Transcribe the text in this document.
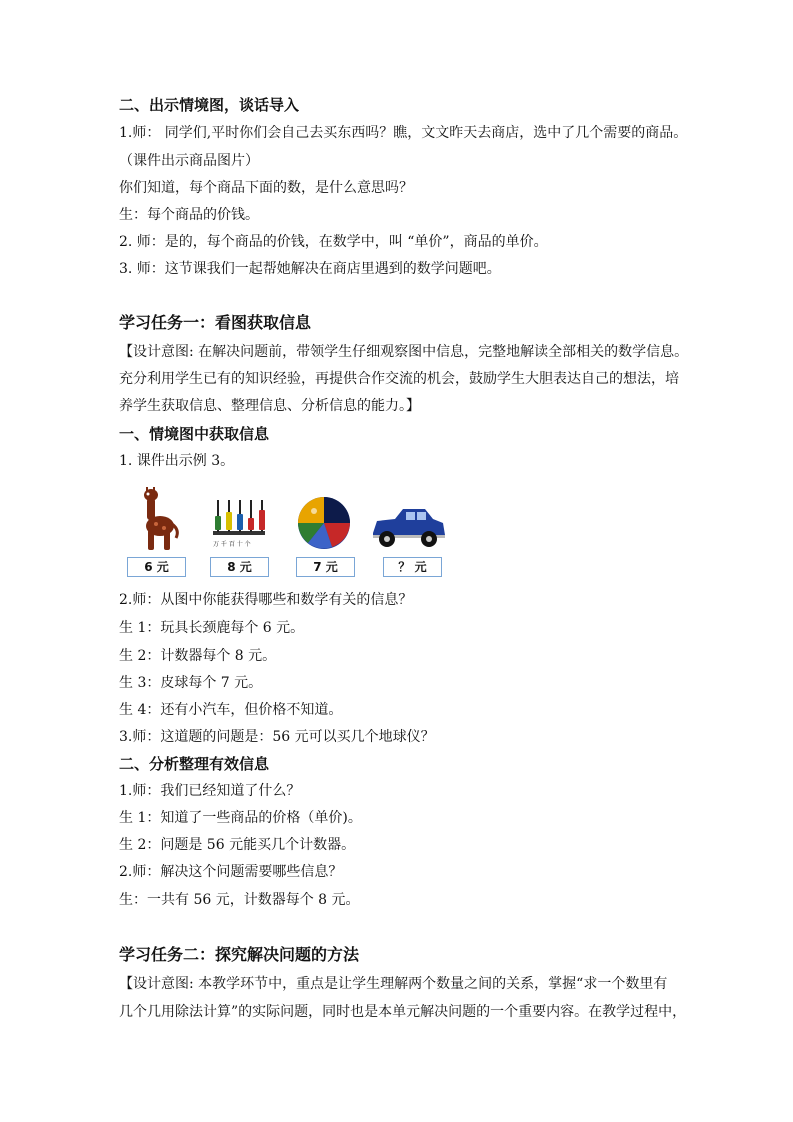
二、出示情境图，谈话导入
1.师： 同学们,平时你们会自己去买东西吗？瞧，文文昨天去商店，选中了几个需要的商品。
（课件出示商品图片）
你们知道，每个商品下面的数，是什么意思吗？
生：每个商品的价钱。
2. 师：是的，每个商品的价钱，在数学中，叫 “单价”，商品的单价。
3. 师：这节课我们一起帮她解决在商店里遇到的数学问题吧。
学习任务一：看图获取信息
【设计意图: 在解决问题前，带领学生仔细观察图中信息，完整地解读全部相关的数学信息。
充分利用学生已有的知识经验，再提供合作交流的机会，鼓励学生大胆表达自己的想法，培
养学生获取信息、整理信息、分析信息的能力。】
一、情境图中获取信息
1. 课件出示例 3。
万 千 百 十 个
6 元	8 元	7 元	？ 元
2.师：从图中你能获得哪些和数学有关的信息？
生 1：玩具长颈鹿每个 6 元。
生 2：计数器每个 8 元。
生 3：皮球每个 7 元。
生 4：还有小汽车，但价格不知道。
3.师：这道题的问题是：56 元可以买几个地球仪？
二、分析整理有效信息
1.师：我们已经知道了什么？
生 1：知道了一些商品的价格（单价)。
生 2：问题是 56 元能买几个计数器。
2.师：解决这个问题需要哪些信息？
生：一共有 56 元，计数器每个 8 元。
学习任务二：探究解决问题的方法
【设计意图: 本教学环节中，重点是让学生理解两个数量之间的关系，掌握“求一个数里有
几个几用除法计算”的实际问题，同时也是本单元解决问题的一个重要内容。在教学过程中，
